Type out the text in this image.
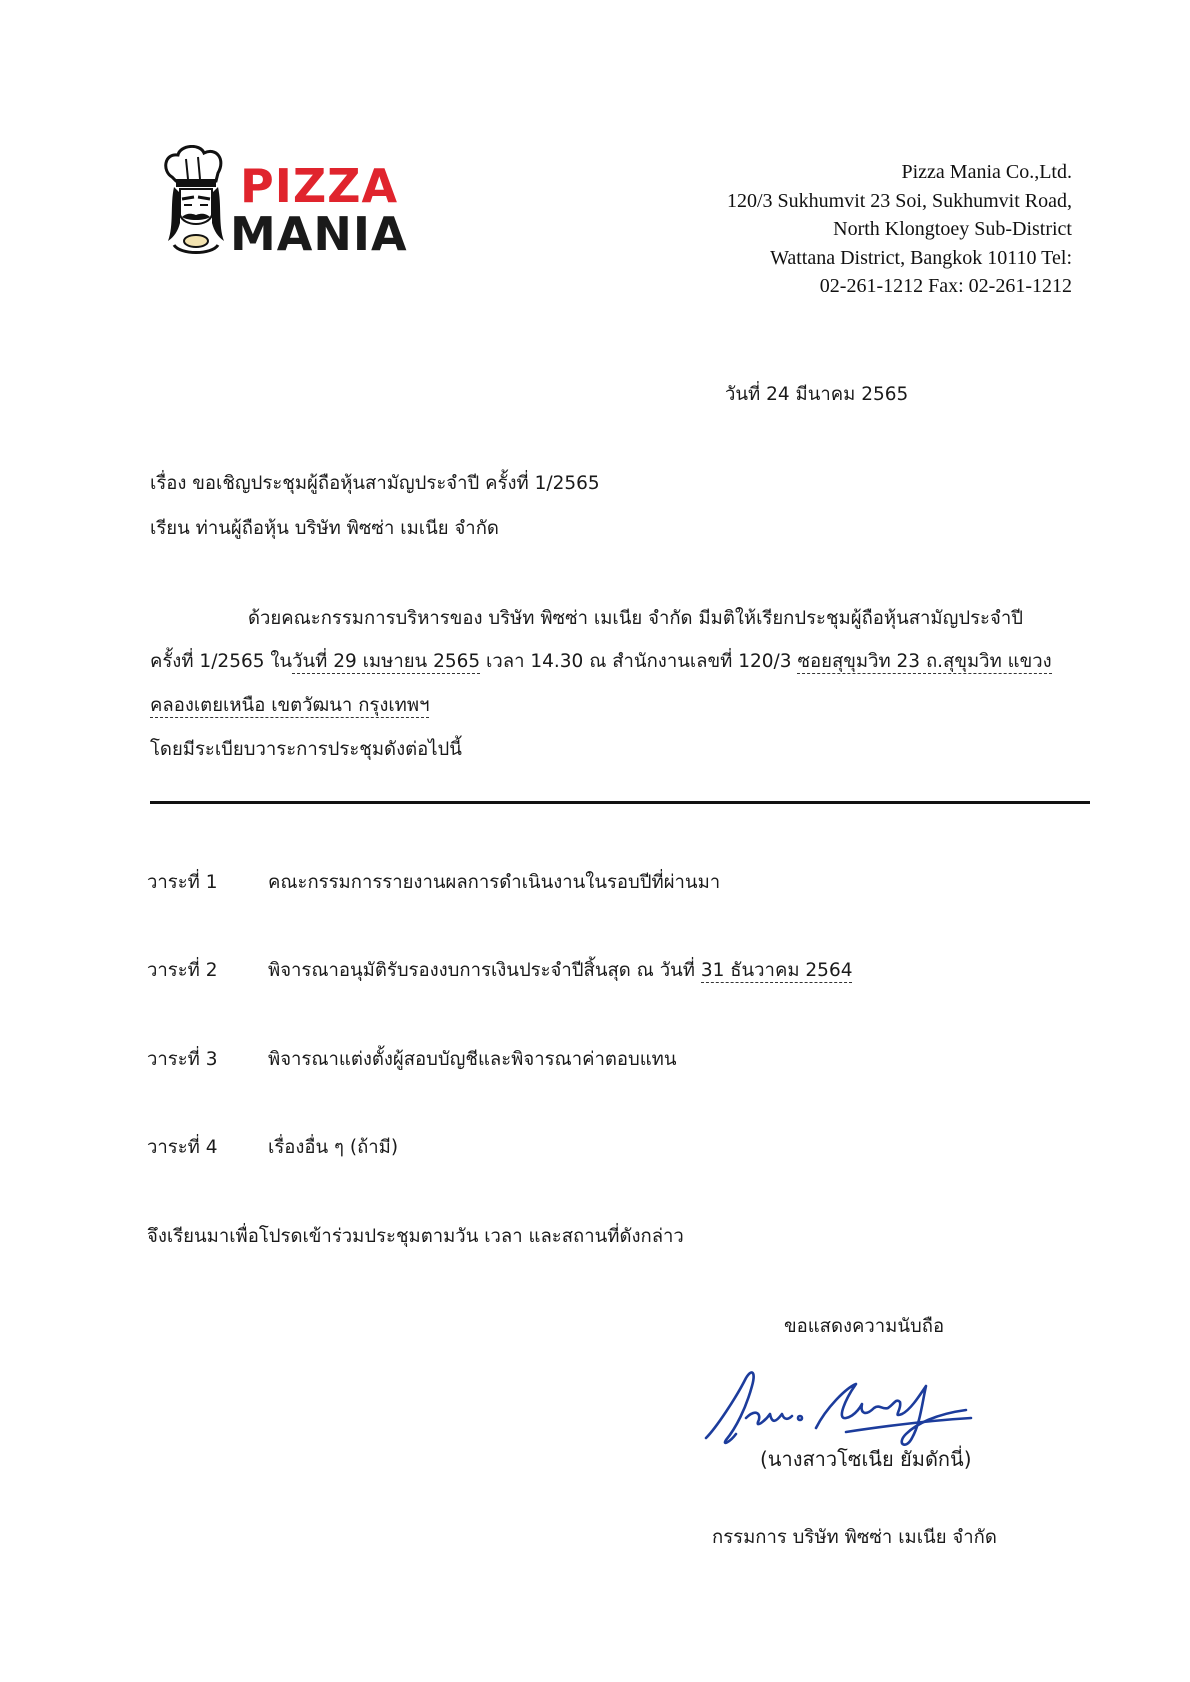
PIZZA
MANIA
Pizza Mania Co.,Ltd.
120/3 Sukhumvit 23 Soi, Sukhumvit Road,
North Klongtoey Sub-District
Wattana District, Bangkok 10110 Tel:
02-261-1212 Fax: 02-261-1212
วันที่ 24 มีนาคม 2565
เรื่อง ขอเชิญประชุมผู้ถือหุ้นสามัญประจำปี ครั้งที่ 1/2565
เรียน ท่านผู้ถือหุ้น บริษัท พิซซ่า เมเนีย จำกัด
ด้วยคณะกรรมการบริหารของ บริษัท พิซซ่า เมเนีย จำกัด มีมติให้เรียกประชุมผู้ถือหุ้นสามัญประจำปี
ครั้งที่ 1/2565 ในวันที่ 29 เมษายน 2565 เวลา 14.30 ณ สำนักงานเลขที่ 120/3 ซอยสุขุมวิท 23 ถ.สุขุมวิท แขวง
คลองเตยเหนือ เขตวัฒนา กรุงเทพฯ
โดยมีระเบียบวาระการประชุมดังต่อไปนี้
วาระที่ 1	คณะกรรมการรายงานผลการดำเนินงานในรอบปีที่ผ่านมา
วาระที่ 2	พิจารณาอนุมัติรับรองงบการเงินประจำปีสิ้นสุด ณ วันที่ 31 ธันวาคม 2564
วาระที่ 3	พิจารณาแต่งตั้งผู้สอบบัญชีและพิจารณาค่าตอบแทน
วาระที่ 4	เรื่องอื่น ๆ (ถ้ามี)
จึงเรียนมาเพื่อโปรดเข้าร่วมประชุมตามวัน เวลา และสถานที่ดังกล่าว
ขอแสดงความนับถือ
(นางสาวโซเนีย ยัมดักนี่)
กรรมการ บริษัท พิซซ่า เมเนีย จำกัด
